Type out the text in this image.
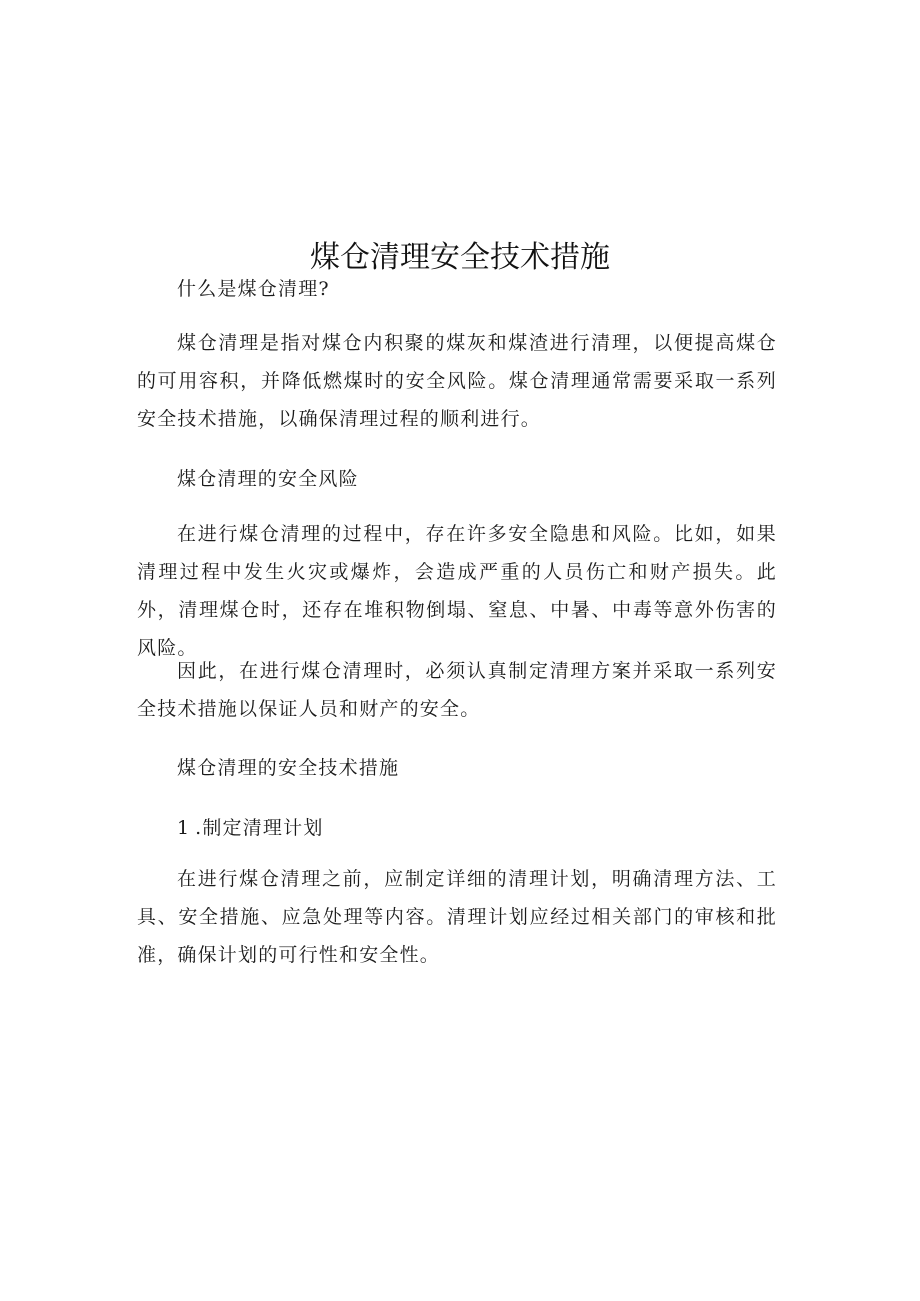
煤仓清理安全技术措施

什么是煤仓清理?

煤仓清理是指对煤仓内积聚的煤灰和煤渣进行清理，以便提高煤仓的可用容积，并降低燃煤时的安全风险。煤仓清理通常需要采取一系列安全技术措施，以确保清理过程的顺利进行。

煤仓清理的安全风险

在进行煤仓清理的过程中，存在许多安全隐患和风险。比如，如果清理过程中发生火灾或爆炸，会造成严重的人员伤亡和财产损失。此外，清理煤仓时，还存在堆积物倒塌、窒息、中暑、中毒等意外伤害的风险。

因此，在进行煤仓清理时，必须认真制定清理方案并采取一系列安全技术措施以保证人员和财产的安全。

煤仓清理的安全技术措施

1.制定清理计划

在进行煤仓清理之前，应制定详细的清理计划，明确清理方法、工具、安全措施、应急处理等内容。清理计划应经过相关部门的审核和批准，确保计划的可行性和安全性。
